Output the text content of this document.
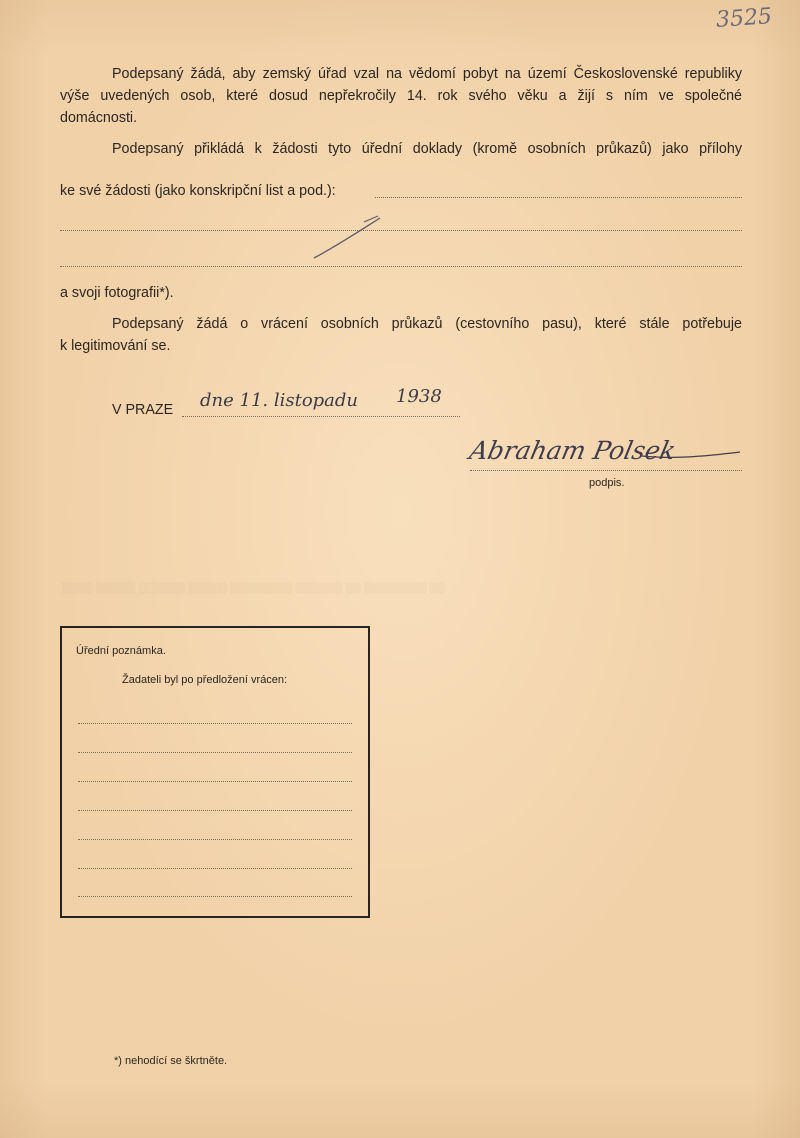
▒▒▒▒ ▒▒▒▒▒ ▒▒▒▒▒▒ ▒▒▒▒▒ ▒▒▒▒▒▒▒▒ ▒▒▒▒▒▒ ▒▒ ▒▒▒▒▒▒▒▒ ▒▒
3525
Podepsaný žádá, aby zemský úřad vzal na vědomí pobyt na území Československé republiky
výše uvedených osob, které dosud nepřekročily 14. rok svého věku a žijí s ním ve společné
domácnosti.
Podepsaný přikládá k žádosti tyto úřední doklady (kromě osobních průkazů) jako přílohy
ke své žádosti (jako konskripční list a pod.):
a svoji fotografii*).
Podepsaný žádá o vrácení osobních průkazů (cestovního pasu), které stále potřebuje
k legitimování se.
V PRAZE dne 11. listopadu 1938
Abraham Polsek
podpis.
Úřední poznámka.
Žadateli byl po předložení vrácen:
*) nehodící se škrtněte.
